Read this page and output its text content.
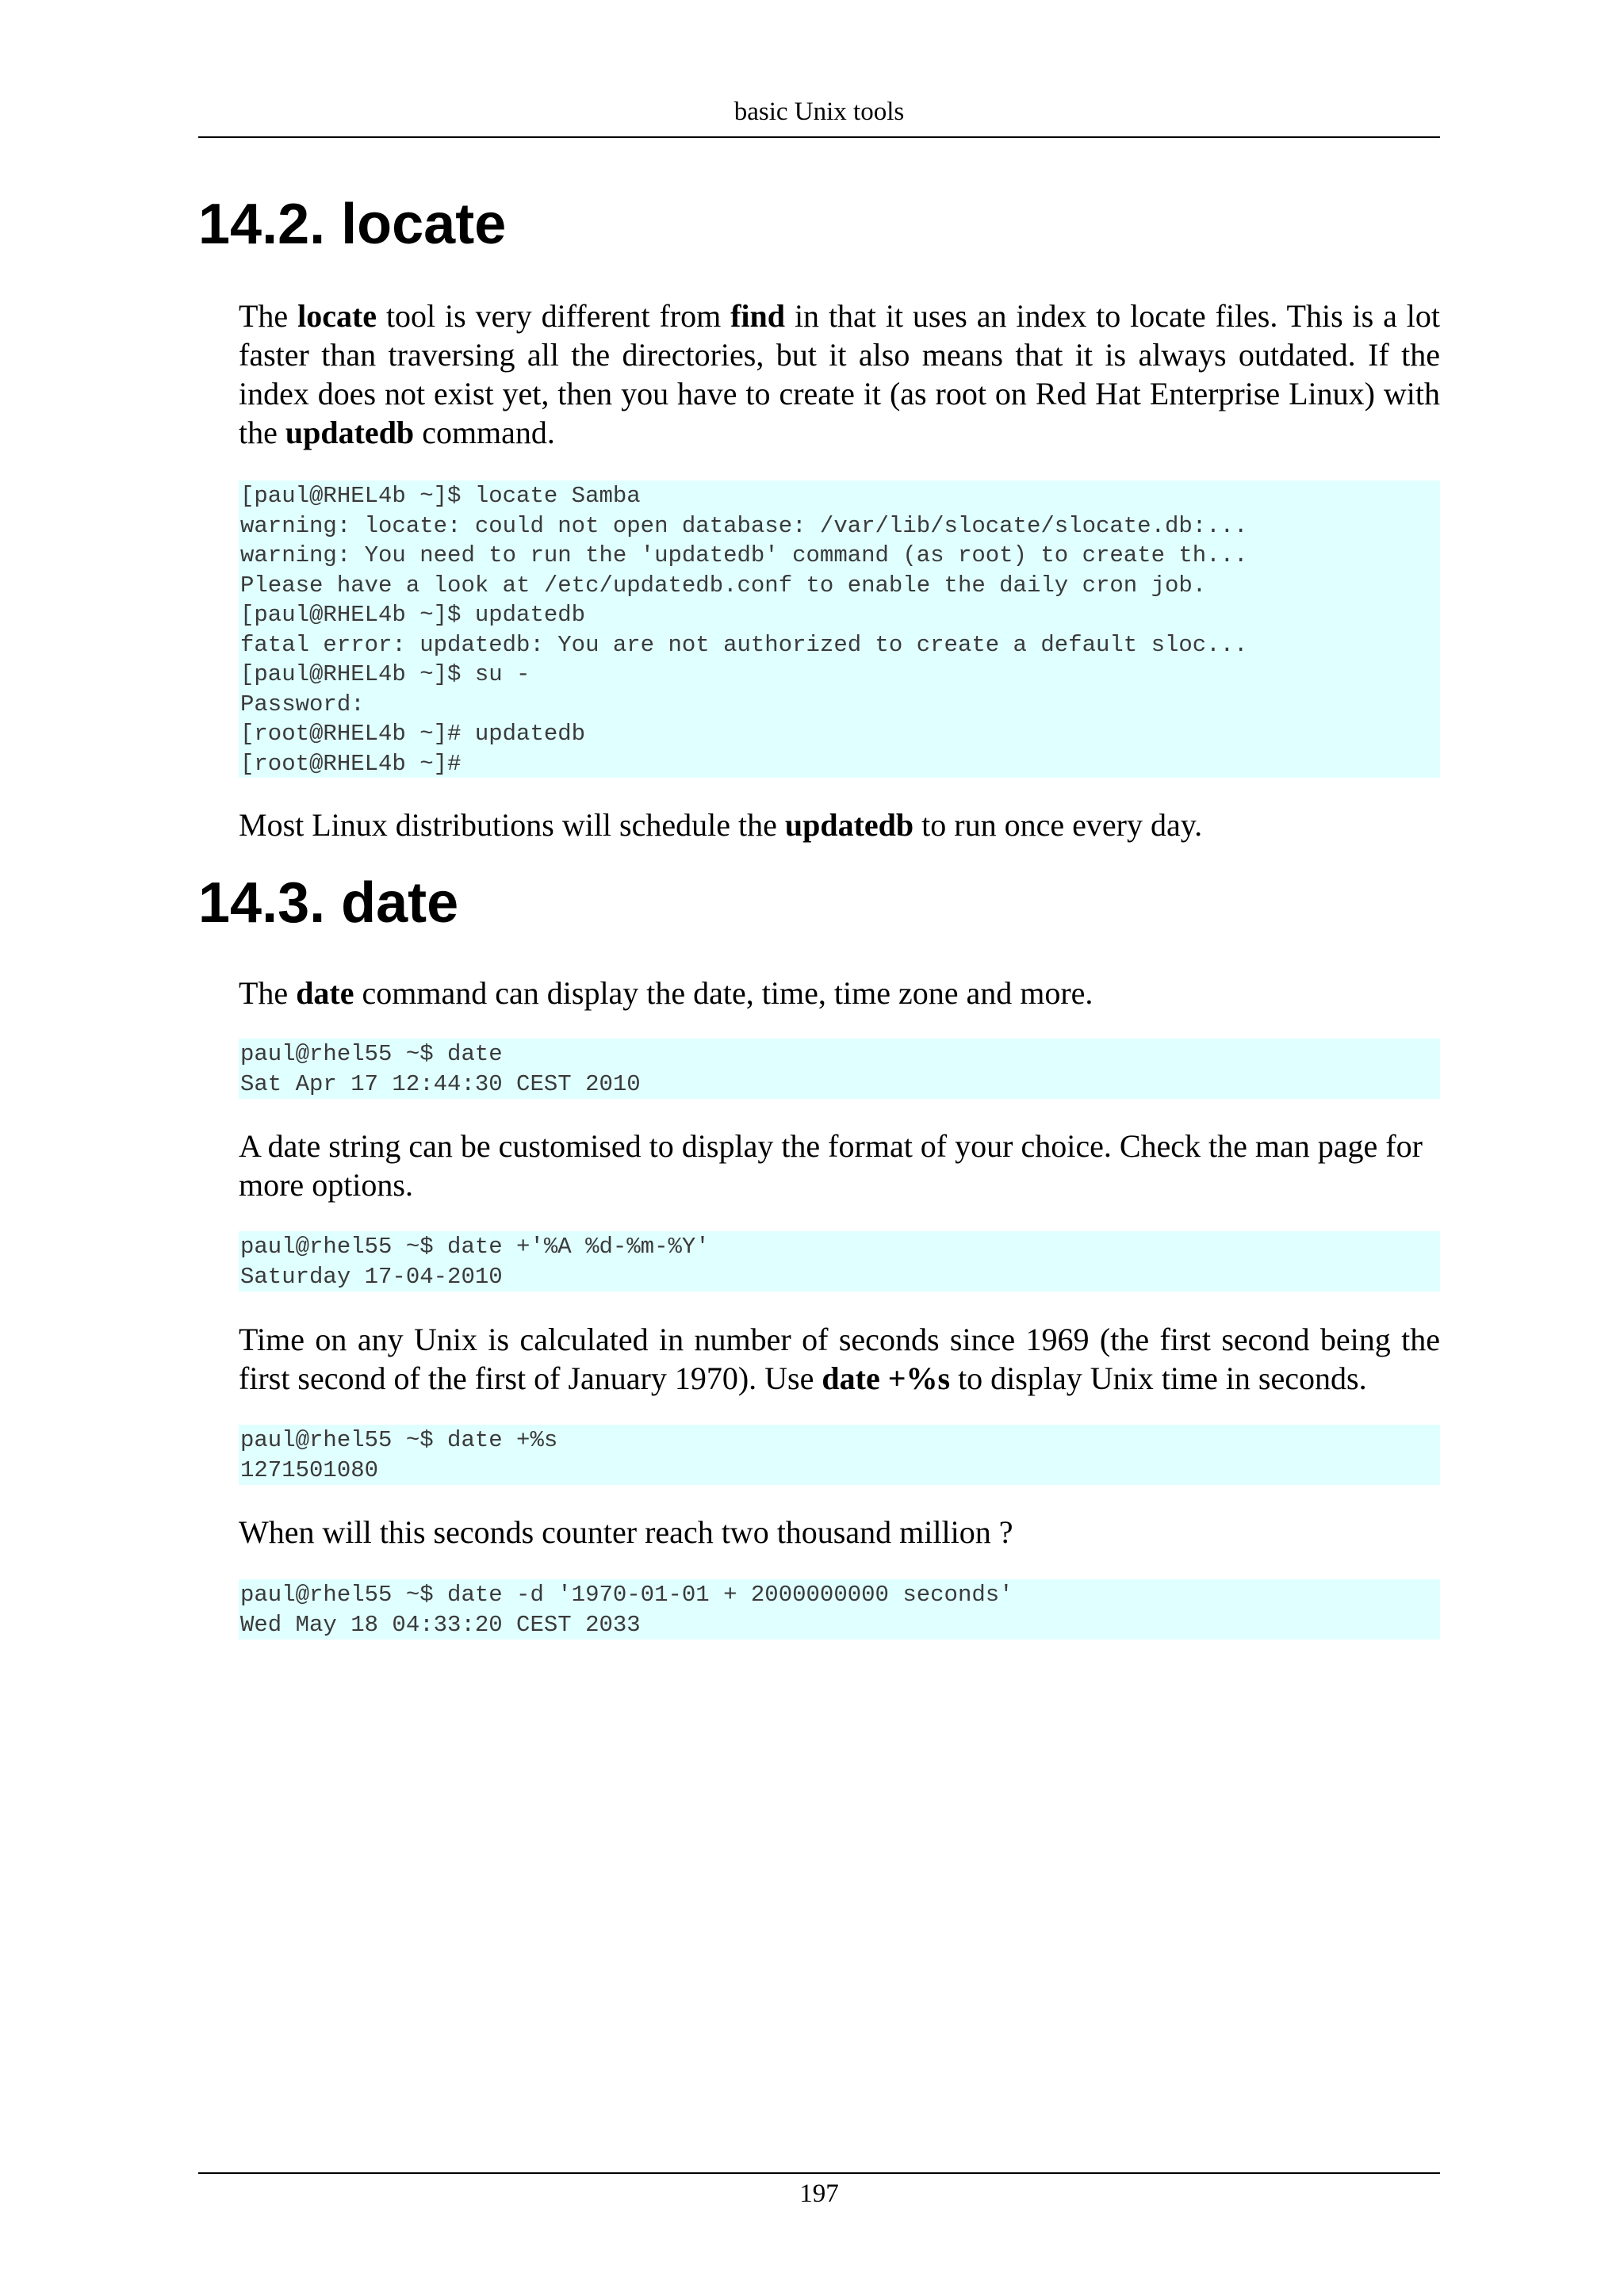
basic Unix tools
14.2. locate

The locate tool is very different from find in that it uses an index to locate files. This is a lot faster than traversing all the directories, but it also means that it is always outdated. If the index does not exist yet, then you have to create it (as root on Red Hat Enterprise Linux) with the updatedb command.

[paul@RHEL4b ~]$ locate Samba
warning: locate: could not open database: /var/lib/slocate/slocate.db:...
warning: You need to run the 'updatedb' command (as root) to create th...
Please have a look at /etc/updatedb.conf to enable the daily cron job.
[paul@RHEL4b ~]$ updatedb
fatal error: updatedb: You are not authorized to create a default sloc...
[paul@RHEL4b ~]$ su -
Password:
[root@RHEL4b ~]# updatedb
[root@RHEL4b ~]#

Most Linux distributions will schedule the updatedb to run once every day.

14.3. date

The date command can display the date, time, time zone and more.

paul@rhel55 ~$ date
Sat Apr 17 12:44:30 CEST 2010

A date string can be customised to display the format of your choice. Check the man page for more options.

paul@rhel55 ~$ date +'%A %d-%m-%Y'
Saturday 17-04-2010

Time on any Unix is calculated in number of seconds since 1969 (the first second being the first second of the first of January 1970). Use date +%s to display Unix time in seconds.

paul@rhel55 ~$ date +%s
1271501080

When will this seconds counter reach two thousand million ?

paul@rhel55 ~$ date -d '1970-01-01 + 2000000000 seconds'
Wed May 18 04:33:20 CEST 2033
197
